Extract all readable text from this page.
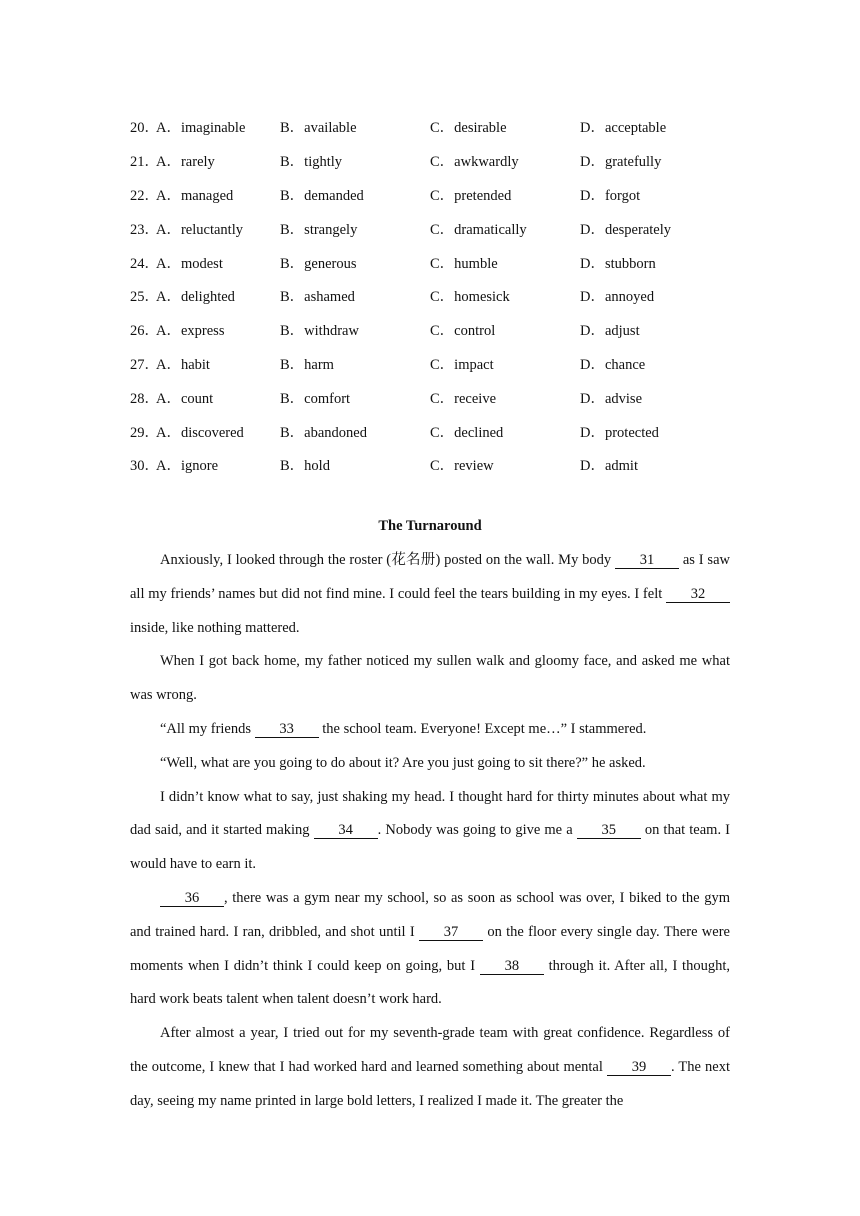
20．
A．imaginable	B．available	C．desirable	D．acceptable
21．
A．rarely	B．tightly	C．awkwardly	D．gratefully
22．
A．managed	B．demanded	C．pretended	D．forgot
23．
A．reluctantly	B．strangely	C．dramatically	D．desperately
24．
A．modest	B．generous	C．humble	D．stubborn
25．
A．delighted	B．ashamed	C．homesick	D．annoyed
26．
A．express	B．withdraw	C．control	D．adjust
27．
A．habit	B．harm	C．impact	D．chance
28．
A．count	B．comfort	C．receive	D．advise
29．
A．discovered	B．abandoned	C．declined	D．protected
30．
A．ignore	B．hold	C．review	D．admit
The Turnaround

Anxiously, I looked through the roster (花名册) posted on the wall. My body 31 as I saw all my friends’ names but did not find mine. I could feel the tears building in my eyes. I felt 32 inside, like nothing mattered.

When I got back home, my father noticed my sullen walk and gloomy face, and asked me what was wrong.

“All my friends 33 the school team. Everyone! Except me…” I stammered.

“Well, what are you going to do about it? Are you just going to sit there?” he asked.

I didn’t know what to say, just shaking my head. I thought hard for thirty minutes about what my dad said, and it started making 34 . Nobody was going to give me a 35 on that team. I would have to earn it.

36 , there was a gym near my school, so as soon as school was over, I biked to the gym and trained hard. I ran, dribbled, and shot until I 37 on the floor every single day. There were moments when I didn’t think I could keep on going, but I 38 through it. After all, I thought, hard work beats talent when talent doesn’t work hard.

After almost a year, I tried out for my seventh-grade team with great confidence. Regardless of the outcome, I knew that I had worked hard and learned something about mental 39 . The next day, seeing my name printed in large bold letters, I realized I made it. The greater the
